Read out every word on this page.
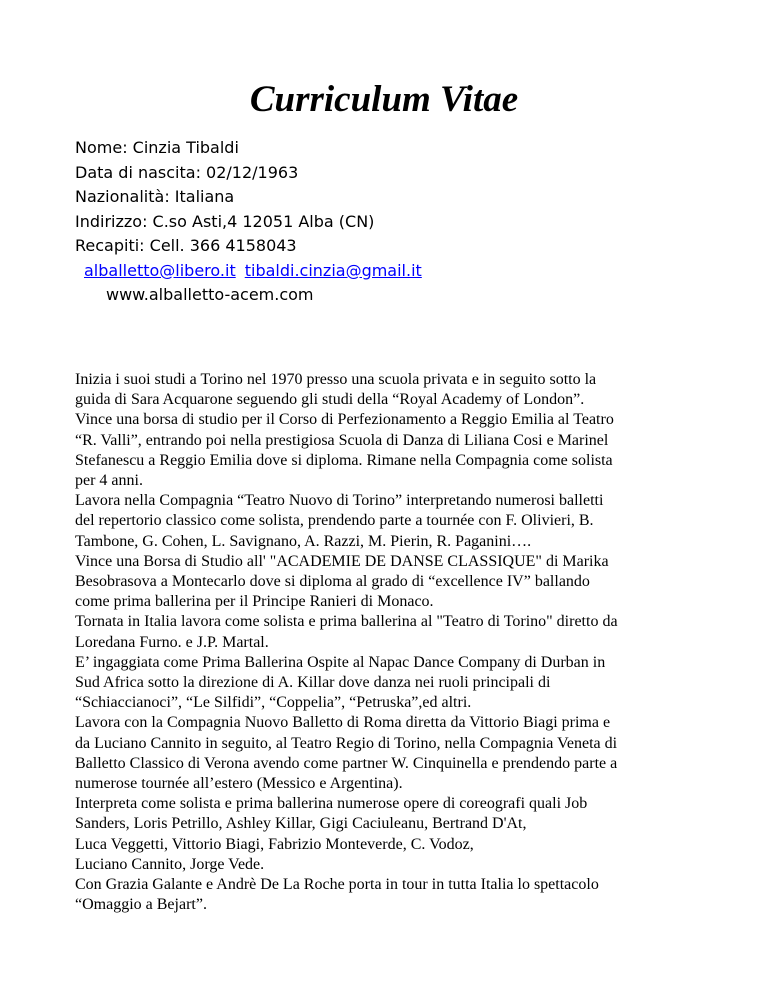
Curriculum Vitae
Nome: Cinzia Tibaldi
Data di nascita: 02/12/1963
Nazionalità: Italiana
Indirizzo: C.so Asti,4 12051 Alba (CN)
Recapiti: Cell. 366 4158043
alballetto@libero.it tibaldi.cinzia@gmail.it
www.alballetto-acem.com
Inizia i suoi studi a Torino nel 1970 presso una scuola privata e in seguito sotto la
guida di Sara Acquarone seguendo gli studi della “Royal Academy of London”.
Vince una borsa di studio per il Corso di Perfezionamento a Reggio Emilia al Teatro
“R. Valli”, entrando poi nella prestigiosa Scuola di Danza di Liliana Cosi e Marinel
Stefanescu a Reggio Emilia dove si diploma. Rimane nella Compagnia come solista
per 4 anni.
Lavora nella Compagnia “Teatro Nuovo di Torino” interpretando numerosi balletti
del repertorio classico come solista, prendendo parte a tournée con F. Olivieri, B.
Tambone, G. Cohen, L. Savignano, A. Razzi, M. Pierin, R. Paganini….
Vince una Borsa di Studio all' "ACADEMIE DE DANSE CLASSIQUE" di Marika
Besobrasova a Montecarlo dove si diploma al grado di “excellence IV” ballando
come prima ballerina per il Principe Ranieri di Monaco.
Tornata in Italia lavora come solista e prima ballerina al "Teatro di Torino" diretto da
Loredana Furno. e J.P. Martal.
E’ ingaggiata come Prima Ballerina Ospite al Napac Dance Company di Durban in
Sud Africa sotto la direzione di A. Killar dove danza nei ruoli principali di
“Schiaccianoci”, “Le Silfidi”, “Coppelia”, “Petruska”,ed altri.
Lavora con la Compagnia Nuovo Balletto di Roma diretta da Vittorio Biagi prima e
da Luciano Cannito in seguito, al Teatro Regio di Torino, nella Compagnia Veneta di
Balletto Classico di Verona avendo come partner W. Cinquinella e prendendo parte a
numerose tournée all’estero (Messico e Argentina).
Interpreta come solista e prima ballerina numerose opere di coreografi quali Job
Sanders, Loris Petrillo, Ashley Killar, Gigi Caciuleanu, Bertrand D'At,
Luca Veggetti, Vittorio Biagi, Fabrizio Monteverde, C. Vodoz,
Luciano Cannito, Jorge Vede.
Con Grazia Galante e Andrè De La Roche porta in tour in tutta Italia lo spettacolo
“Omaggio a Bejart”.
